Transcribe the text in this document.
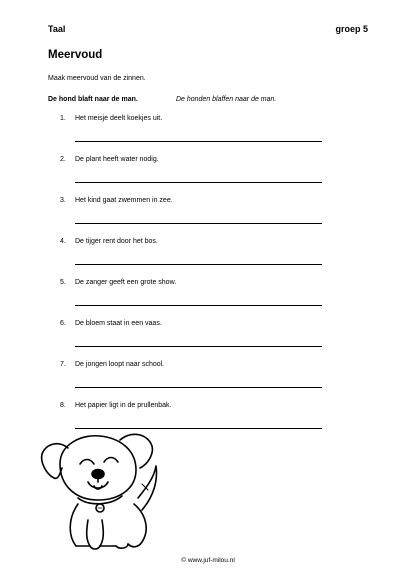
Taal	groep 5
Meervoud
Maak meervoud van de zinnen.
De hond blaft naar de man.	De honden blaffen naar de man.
1. Het meisje deelt koekjes uit.
2. De plant heeft water nodig.
3. Het kind gaat zwemmen in zee.
4. De tijger rent door het bos.
5. De zanger geeft een grote show.
6. De bloem staat in een vaas.
7. De jongen loopt naar school.
8. Het papier ligt in de prullenbak.
© www.juf-milou.nl
